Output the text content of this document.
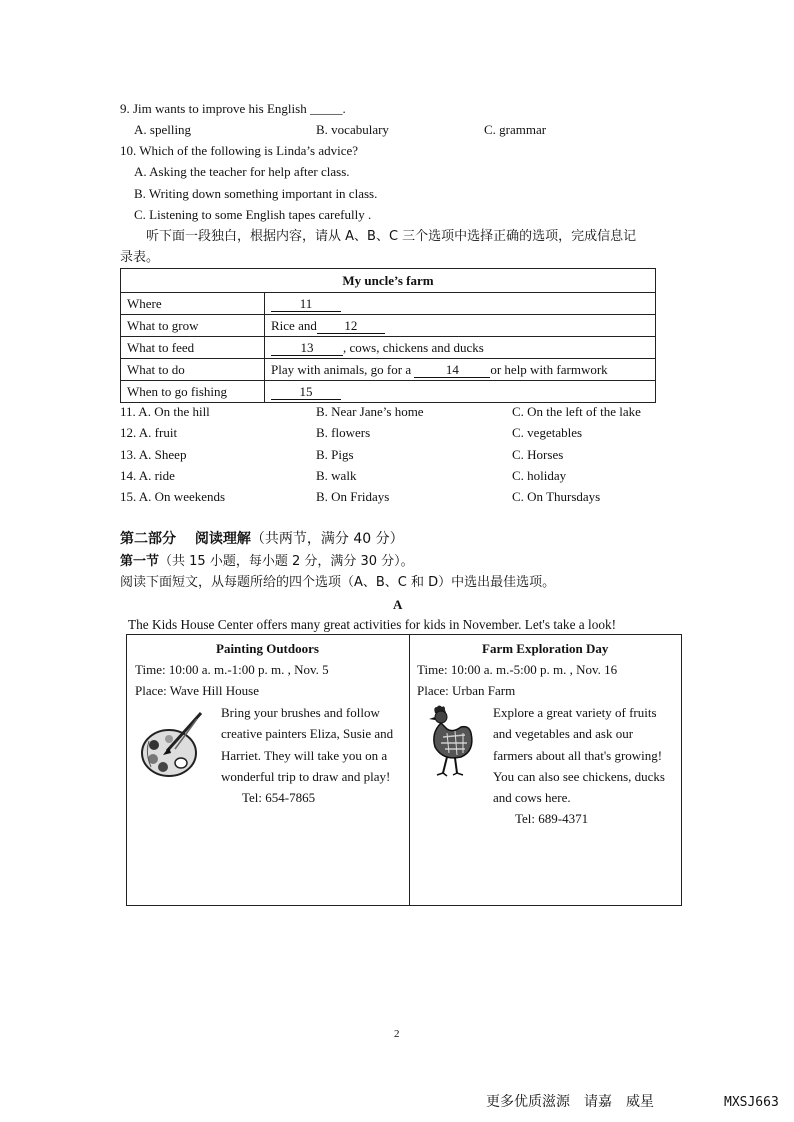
9. Jim wants to improve his English _____.
A. spelling	B. vocabulary	C. grammar
10. Which of the following is Linda’s advice?
A. Asking the teacher for help after class.
B. Writing down something important in class.
C. Listening to some English tapes carefully .
听下面一段独白，根据内容，请从 A、B、C 三个选项中选择正确的选项，完成信息记
录表。
My uncle’s farm	
Where	11
What to grow	Rice and 12
What to feed	13 , cows, chickens and ducks
What to do	Play with animals, go for a 14 or help with farmwork
When to go fishing	15
11. A. On the hill	B. Near Jane’s home	C. On the left of the lake
12. A. fruit	B. flowers	C. vegetables
13. A. Sheep	B. Pigs	C. Horses
14. A. ride	B. walk	C. holiday
15. A. On weekends	B. On Fridays	C. On Thursdays
第二部分　 阅读理解（共两节，满分 40 分）
第一节（共 15 小题，每小题 2 分，满分 30 分）。
阅读下面短文，从每题所给的四个选项（A、B、C 和 D）中选出最佳选项。
A
The Kids House Center offers many great activities for kids in November. Let's take a look!
Painting Outdoors
Time: 10:00 a. m.-1:00 p. m. , Nov. 5
Place: Wave Hill House
Bring your brushes and follow
creative painters Eliza, Susie and
Harriet. They will take you on a
wonderful trip to draw and play!
Tel: 654-7865
Farm Exploration Day
Time: 10:00 a. m.-5:00 p. m. , Nov. 16
Place: Urban Farm
Explore a great variety of fruits
and vegetables and ask our
farmers about all that's growing!
You can also see chickens, ducks
and cows here.
Tel: 689-4371
2
更多优质滋源　请嘉　威星	MXSJ663
